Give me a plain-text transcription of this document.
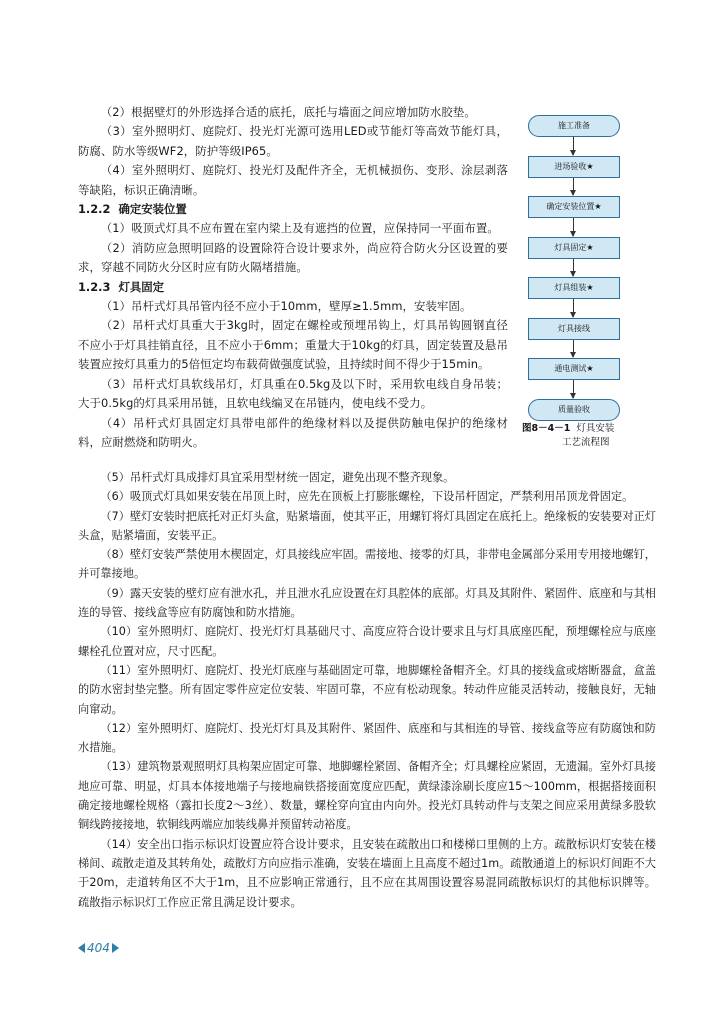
（2）根据壁灯的外形选择合适的底托，底托与墙面之间应增加防水胶垫。

（3）室外照明灯、庭院灯、投光灯光源可选用LED或节能灯等高效节能灯具，防腐、防水等级WF2，防护等级IP65。

（4）室外照明灯、庭院灯、投光灯及配件齐全，无机械损伤、变形、涂层剥落等缺陷，标识正确清晰。

1.2.2 确定安装位置

（1）吸顶式灯具不应布置在室内梁上及有遮挡的位置，应保持同一平面布置。

（2）消防应急照明回路的设置除符合设计要求外，尚应符合防火分区设置的要求，穿越不同防火分区时应有防火隔堵措施。

1.2.3 灯具固定

（1）吊杆式灯具吊管内径不应小于10mm，壁厚≥1.5mm，安装牢固。

（2）吊杆式灯具重大于3kg时，固定在螺栓或预埋吊钩上，灯具吊钩圆钢直径不应小于灯具挂销直径，且不应小于6mm；重量大于10kg的灯具，固定装置及悬吊装置应按灯具重力的5倍恒定均布载荷做强度试验，且持续时间不得少于15min。

（3）吊杆式灯具软线吊灯，灯具重在0.5kg及以下时，采用软电线自身吊装；大于0.5kg的灯具采用吊链，且软电线编叉在吊链内，使电线不受力。

（4）吊杆式灯具固定灯具带电部件的绝缘材料以及提供防触电保护的绝缘材料，应耐燃烧和防明火。

施工准备
进场验收★
确定安装位置★
灯具固定★
灯具组装★
灯具接线
通电测试★
质量验收
图8－4－1 灯具安装
工艺流程图

（5）吊杆式灯具成排灯具宜采用型材统一固定，避免出现不整齐现象。

（6）吸顶式灯具如果安装在吊顶上时，应先在顶板上打膨胀螺栓，下设吊杆固定，严禁利用吊顶龙骨固定。

（7）壁灯安装时把底托对正灯头盒，贴紧墙面，使其平正，用螺钉将灯具固定在底托上。绝缘板的安装要对正灯头盒，贴紧墙面，安装平正。

（8）壁灯安装严禁使用木楔固定，灯具接线应牢固。需接地、接零的灯具，非带电金属部分采用专用接地螺钉，并可靠接地。

（9）露天安装的壁灯应有泄水孔，并且泄水孔应设置在灯具腔体的底部。灯具及其附件、紧固件、底座和与其相连的导管、接线盒等应有防腐蚀和防水措施。

（10）室外照明灯、庭院灯、投光灯灯具基础尺寸、高度应符合设计要求且与灯具底座匹配，预埋螺栓应与底座螺栓孔位置对应，尺寸匹配。

（11）室外照明灯、庭院灯、投光灯底座与基础固定可靠，地脚螺栓备帽齐全。灯具的接线盒或熔断器盒，盒盖的防水密封垫完整。所有固定零件应定位安装、牢固可靠，不应有松动现象。转动件应能灵活转动，接触良好，无轴向窜动。

（12）室外照明灯、庭院灯、投光灯灯具及其附件、紧固件、底座和与其相连的导管、接线盒等应有防腐蚀和防水措施。

（13）建筑物景观照明灯具构架应固定可靠、地脚螺栓紧固、备帽齐全；灯具螺栓应紧固，无遗漏。室外灯具接地应可靠、明显，灯具本体接地端子与接地扁铁搭接面宽度应匹配，黄绿漆涂刷长度应15～100mm，根据搭接面积确定接地螺栓规格（露扣长度2～3丝）、数量，螺栓穿向宜由内向外。投光灯具转动件与支架之间应采用黄绿多股软铜线跨接接地，软铜线两端应加装线鼻并预留转动裕度。

（14）安全出口指示标识灯设置应符合设计要求，且安装在疏散出口和楼梯口里侧的上方。疏散标识灯安装在楼梯间、疏散走道及其转角处，疏散灯方向应指示准确，安装在墙面上且高度不超过1m。疏散通道上的标识灯间距不大于20m，走道转角区不大于1m，且不应影响正常通行，且不应在其周围设置容易混同疏散标识灯的其他标识牌等。疏散指示标识灯工作应正常且满足设计要求。

404
